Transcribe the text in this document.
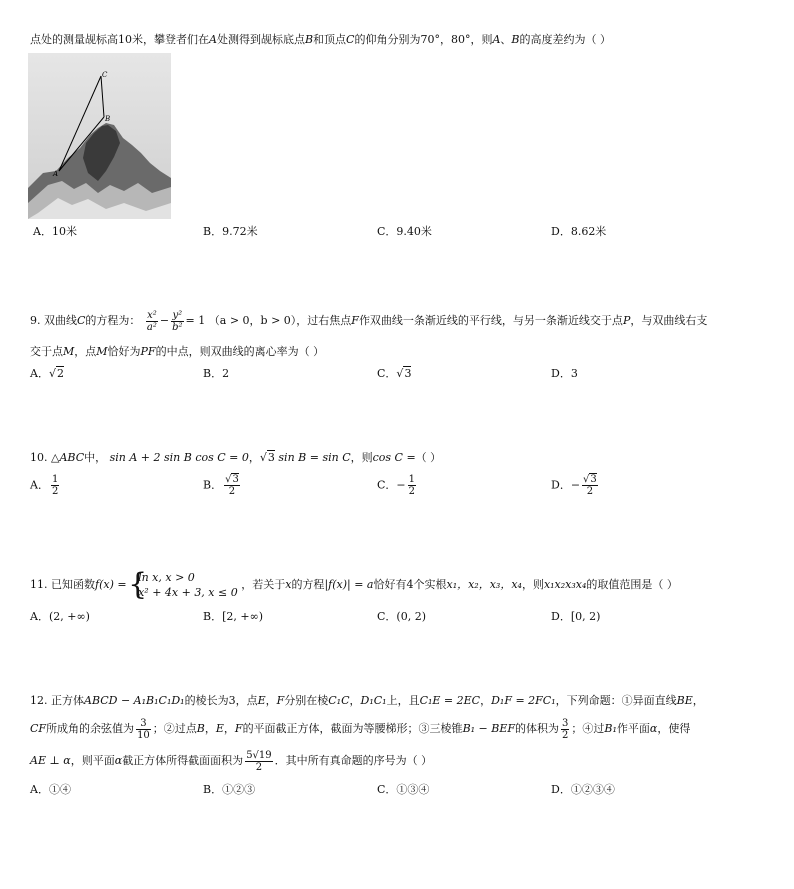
点处的测量觇标高10米，攀登者们在A处测得到觇标底点B和顶点C的仰角分别为70°，80°，则A、B的高度差约为（ ）
C
B
A
A．10米	B．9.72米	C．9.40米	D．8.62米
9. 双曲线C的方程为： $\frac{\text{x²}}{\text{a²}} - \frac{\text{y²}}{\text{b²}} = 1$ （a > 0，b > 0），过右焦点F作双曲线一条渐近线的平行线，与另一条渐近线交于点P，与双曲线右支
交于点M，点M恰好为PF的中点，则双曲线的离心率为（ ）
A．√2	B．2	C．√3	D．3
10. △ABC中， sin A + 2 sin B cos C = 0，√3 sin B = sin C，则cos C =（ ）
A． $\frac{1}{2}$	B． $\frac{√3}{2}$	C．− $\frac{1}{2}$	D．− $\frac{√3}{2}$
11. 已知函数f(x) =
{ ln x, x > 0
x² + 4x + 3, x ≤ 0
，若关于x的方程|f(x)| = a恰好有4个实根x₁，x₂，x₃，x₄，则x₁x₂x₃x₄的取值范围是（ ）
A．(2, +∞)	B．[2, +∞)	C．(0, 2)	D．[0, 2)
12. 正方体ABCD − A₁B₁C₁D₁的棱长为3，点E，F分别在棱C₁C，D₁C₁上，且C₁E = 2EC，D₁F = 2FC₁，下列命题：①异面直线BE，
CF所成角的余弦值为 $\frac{3}{10}$ ；②过点B，E，F的平面截正方体，截面为等腰梯形；③三棱锥B₁ − BEF的体积为 $\frac{3}{2}$ ；④过B₁作平面α，使得
AE ⊥ α，则平面α截正方体所得截面面积为 $\frac{5√19}{2}$ ．其中所有真命题的序号为（ ）
A．①④	B．①②③	C．①③④	D．①②③④
